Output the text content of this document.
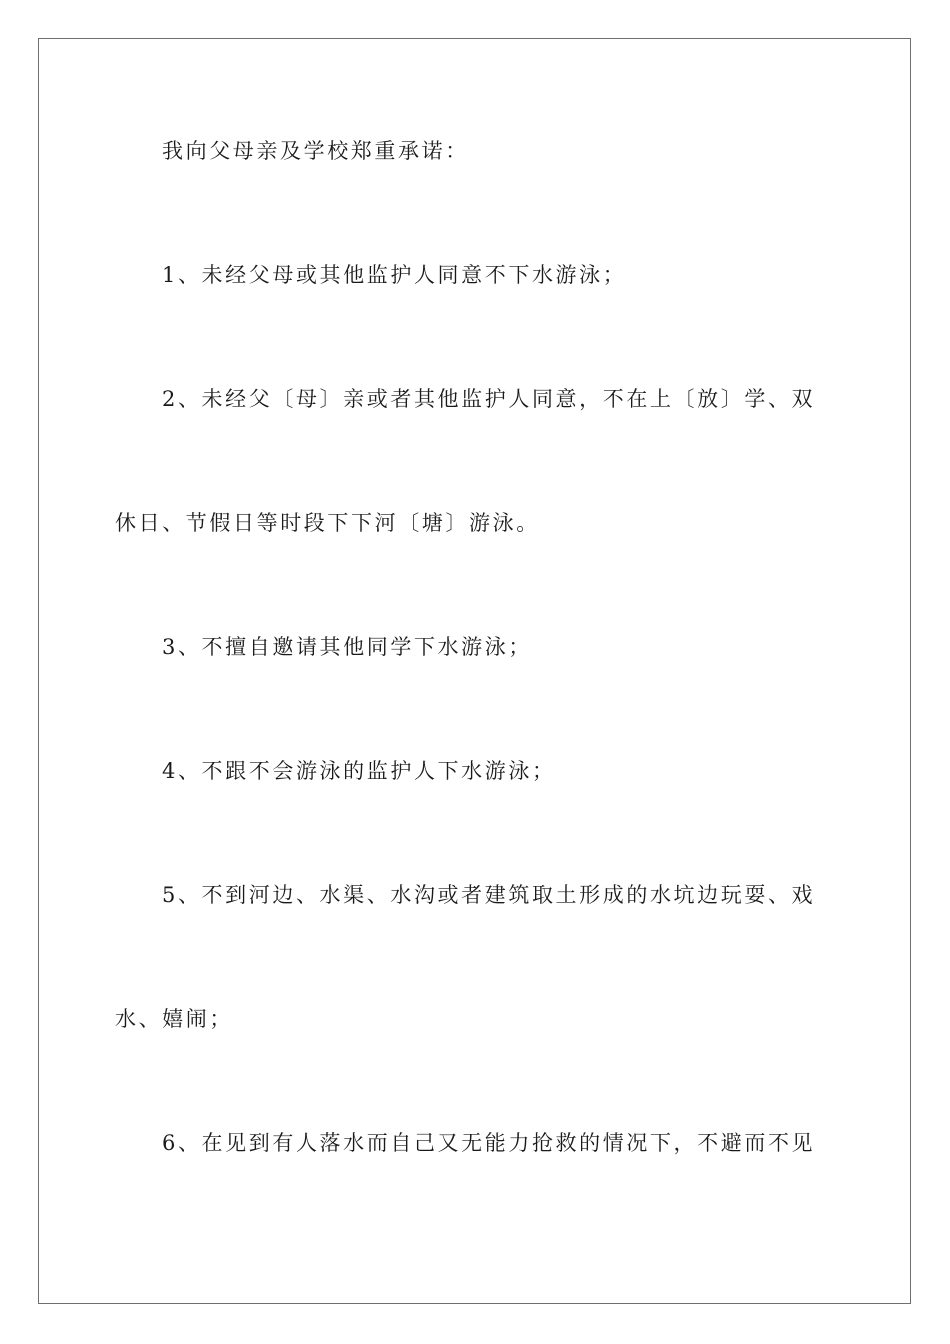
我向父母亲及学校郑重承诺：
1、未经父母或其他监护人同意不下水游泳；
2、未经父〔母〕亲或者其他监护人同意，不在上〔放〕学、双
休日、节假日等时段下下河〔塘〕游泳。
3、不擅自邀请其他同学下水游泳；
4、不跟不会游泳的监护人下水游泳；
5、不到河边、水渠、水沟或者建筑取土形成的水坑边玩耍、戏
水、嬉闹；
6、在见到有人落水而自己又无能力抢救的情况下，不避而不见
